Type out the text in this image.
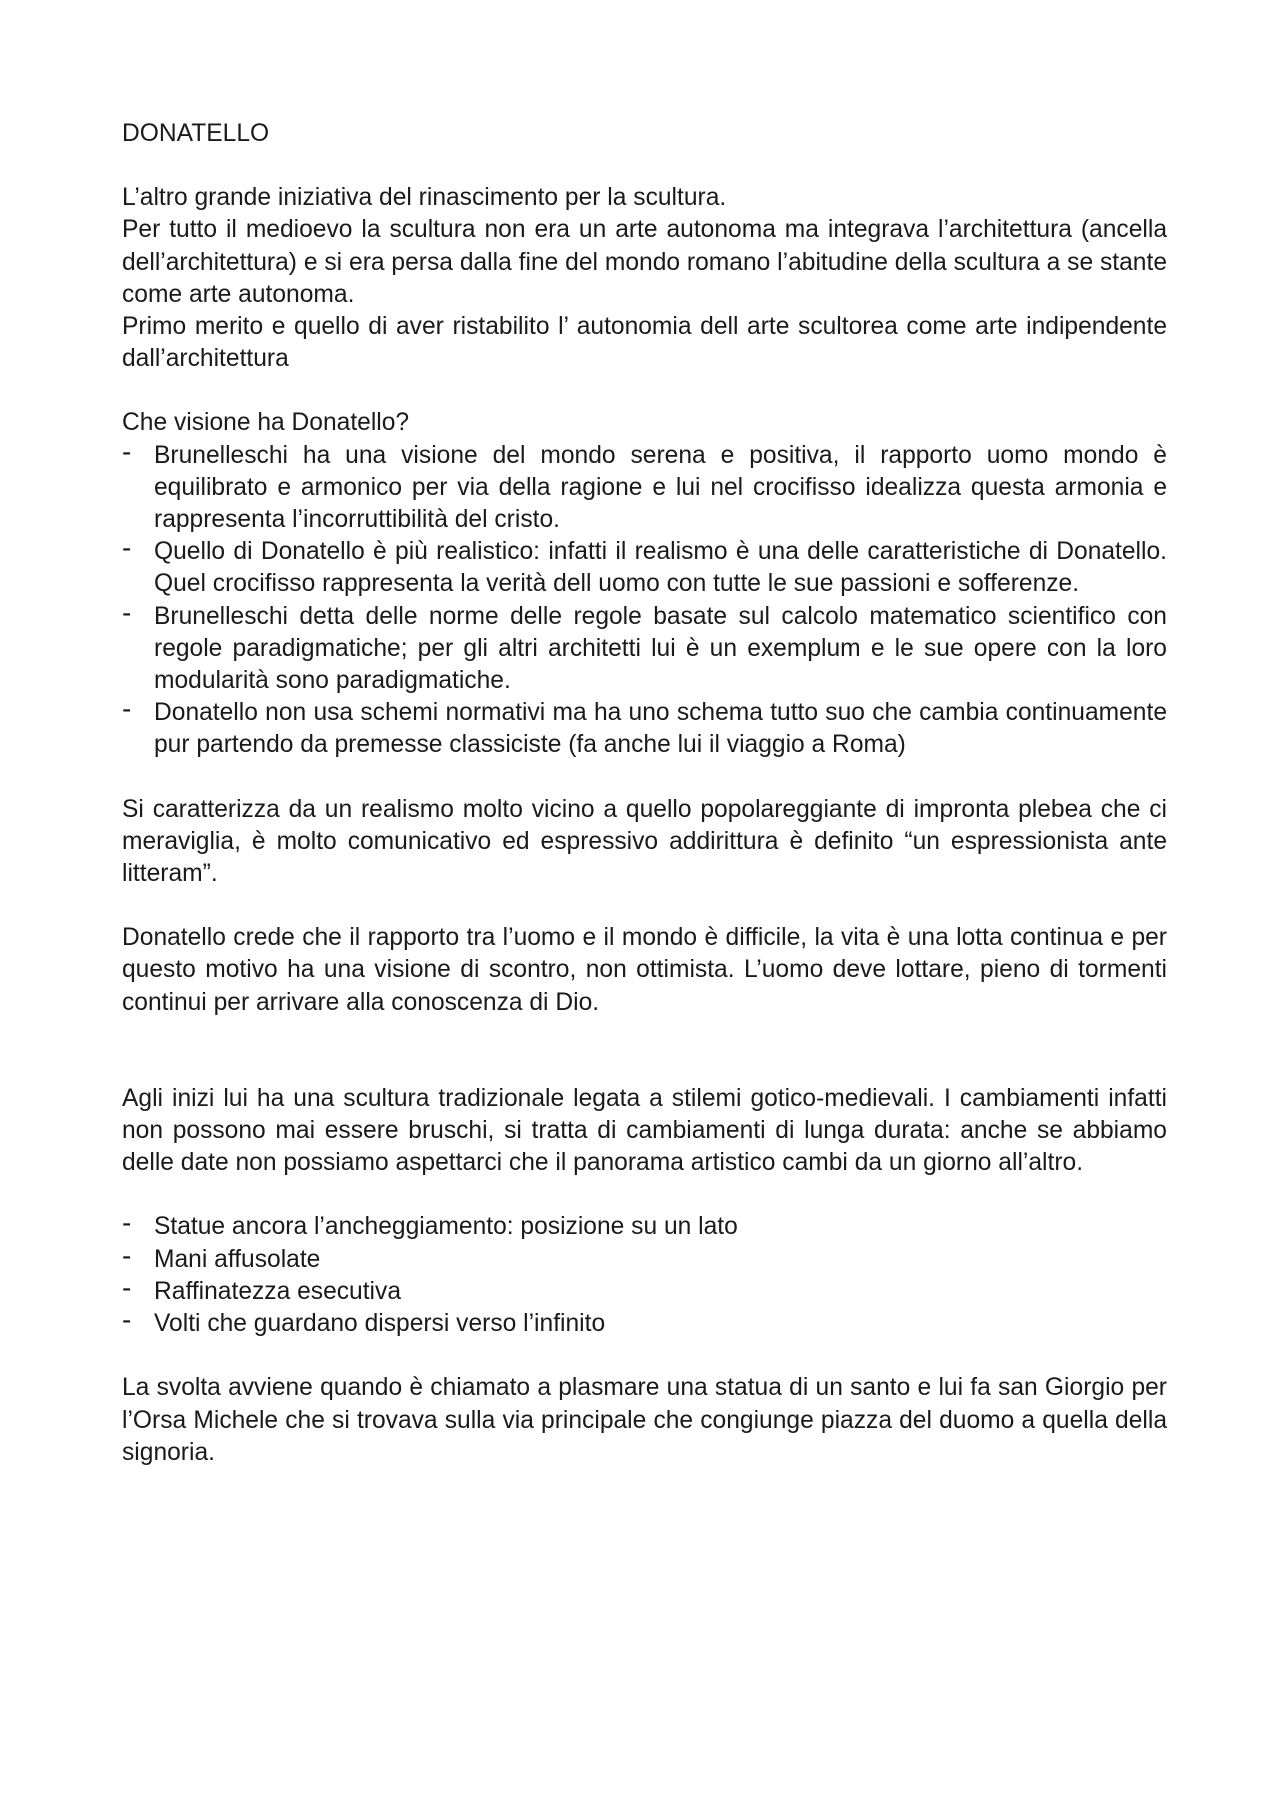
DONATELLO

L’altro grande iniziativa del rinascimento per la scultura.

Per tutto il medioevo la scultura non era un arte autonoma ma integrava l’architettura (ancella dell’architettura) e si era persa dalla fine del mondo romano l’abitudine della scultura a se stante come arte autonoma.

Primo merito e quello di aver ristabilito l’ autonomia dell arte scultorea come arte indipendente dall’architettura

Che visione ha Donatello?

- Brunelleschi ha una visione del mondo serena e positiva, il rapporto uomo mondo è equilibrato e armonico per via della ragione e lui nel crocifisso idealizza questa armonia e rappresenta l’incorruttibilità del cristo.
- Quello di Donatello è più realistico: infatti il realismo è una delle caratteristiche di Donatello. Quel crocifisso rappresenta la verità dell uomo con tutte le sue passioni e sofferenze.
- Brunelleschi detta delle norme delle regole basate sul calcolo matematico scientifico con regole paradigmatiche; per gli altri architetti lui è un exemplum e le sue opere con la loro modularità sono paradigmatiche.
- Donatello non usa schemi normativi ma ha uno schema tutto suo che cambia continuamente pur partendo da premesse classiciste (fa anche lui il viaggio a Roma)

Si caratterizza da un realismo molto vicino a quello popolareggiante di impronta plebea che ci meraviglia, è molto comunicativo ed espressivo addirittura è definito “un espressionista ante litteram”.

Donatello crede che il rapporto tra l’uomo e il mondo è difficile, la vita è una lotta continua e per questo motivo ha una visione di scontro, non ottimista. L’uomo deve lottare, pieno di tormenti continui per arrivare alla conoscenza di Dio.

Agli inizi lui ha una scultura tradizionale legata a stilemi gotico-medievali. I cambiamenti infatti non possono mai essere bruschi, si tratta di cambiamenti di lunga durata: anche se abbiamo delle date non possiamo aspettarci che il panorama artistico cambi da un giorno all’altro.

- Statue ancora l’ancheggiamento: posizione su un lato
- Mani affusolate
- Raffinatezza esecutiva
- Volti che guardano dispersi verso l’infinito

La svolta avviene quando è chiamato a plasmare una statua di un santo e lui fa san Giorgio per l’Orsa Michele che si trovava sulla via principale che congiunge piazza del duomo a quella della signoria.
